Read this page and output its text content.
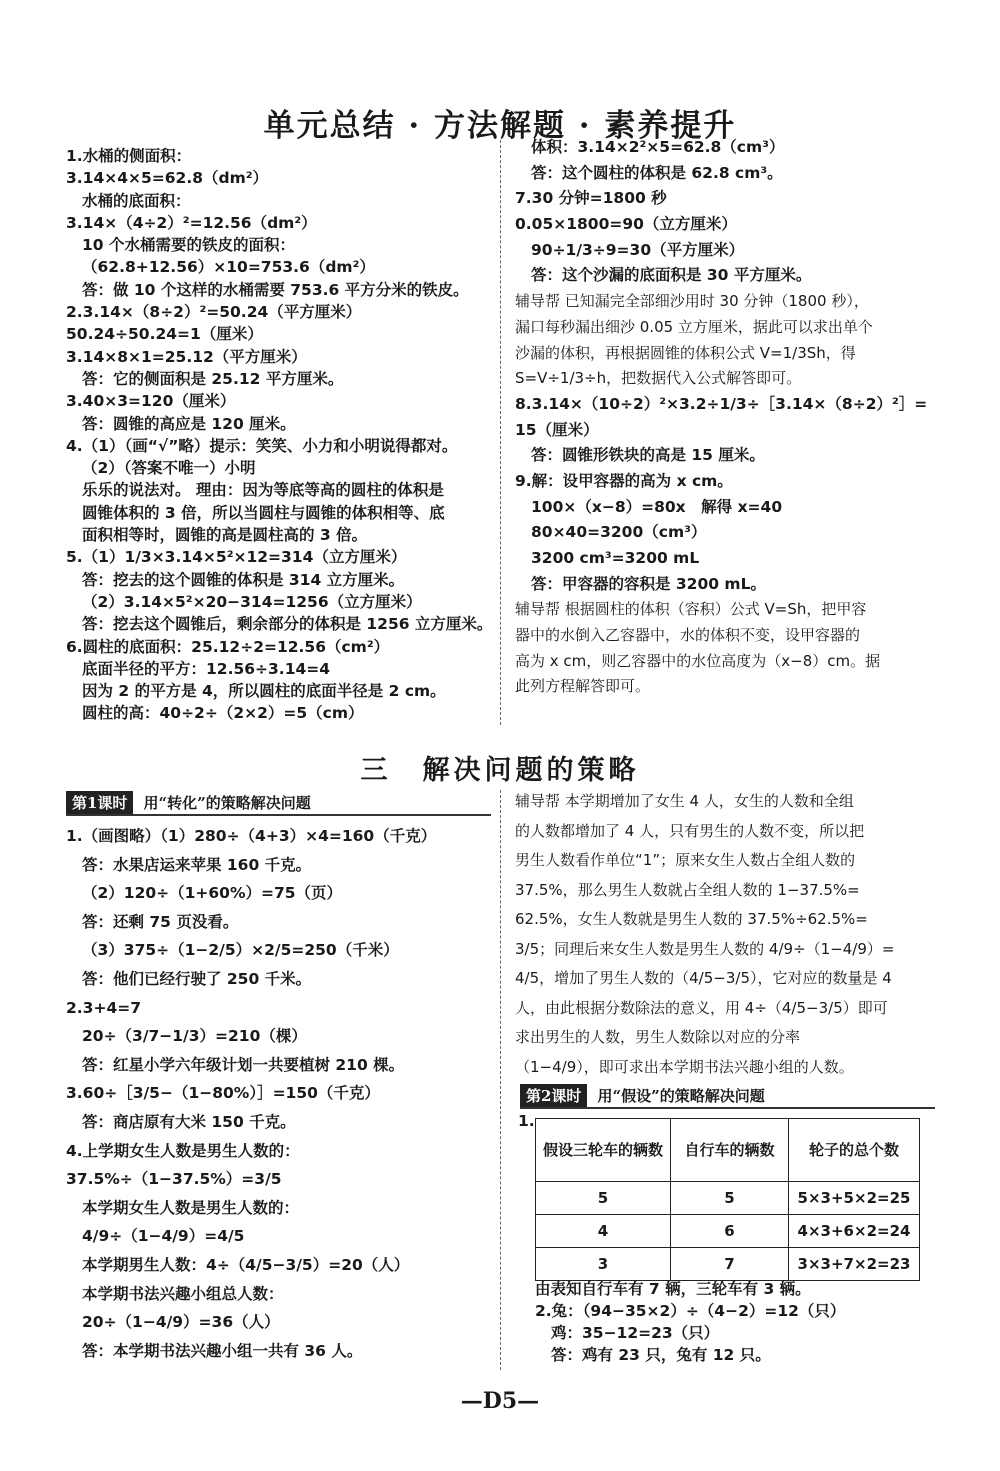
单元总结 · 方法解题 · 素养提升
1.水桶的侧面积：
3.14×4×5=62.8（dm²）
水桶的底面积：
3.14×（4÷2）²=12.56（dm²）
10 个水桶需要的铁皮的面积：
（62.8+12.56）×10=753.6（dm²）
答：做 10 个这样的水桶需要 753.6 平方分米的铁皮。
2.3.14×（8÷2）²=50.24（平方厘米）
50.24÷50.24=1（厘米）
3.14×8×1=25.12（平方厘米）
答：它的侧面积是 25.12 平方厘米。
3.40×3=120（厘米）
答：圆锥的高应是 120 厘米。
4.（1）（画“√”略）提示：笑笑、小力和小明说得都对。
（2）（答案不唯一）小明
乐乐的说法对。 理由：因为等底等高的圆柱的体积是
圆锥体积的 3 倍，所以当圆柱与圆锥的体积相等、底
面积相等时，圆锥的高是圆柱高的 3 倍。
5.（1）1/3×3.14×5²×12=314（立方厘米）
答：挖去的这个圆锥的体积是 314 立方厘米。
（2）3.14×5²×20−314=1256（立方厘米）
答：挖去这个圆锥后，剩余部分的体积是 1256 立方厘米。
6.圆柱的底面积：25.12÷2=12.56（cm²）
底面半径的平方：12.56÷3.14=4
因为 2 的平方是 4，所以圆柱的底面半径是 2 cm。
圆柱的高：40÷2÷（2×2）=5（cm）
体积：3.14×2²×5=62.8（cm³）
答：这个圆柱的体积是 62.8 cm³。
7.30 分钟=1800 秒
0.05×1800=90（立方厘米）
90÷1/3÷9=30（平方厘米）
答：这个沙漏的底面积是 30 平方厘米。
辅导帮 已知漏完全部细沙用时 30 分钟（1800 秒），
漏口每秒漏出细沙 0.05 立方厘米，据此可以求出单个
沙漏的体积，再根据圆锥的体积公式 V=1/3Sh，得
S=V÷1/3÷h，把数据代入公式解答即可。
8.3.14×（10÷2）²×3.2÷1/3÷［3.14×（8÷2）²］=
15（厘米）
答：圆锥形铁块的高是 15 厘米。
9.解：设甲容器的高为 x cm。
100×（x−8）=80x　解得 x=40
80×40=3200（cm³）
3200 cm³=3200 mL
答：甲容器的容积是 3200 mL。
辅导帮 根据圆柱的体积（容积）公式 V=Sh，把甲容
器中的水倒入乙容器中，水的体积不变，设甲容器的
高为 x cm，则乙容器中的水位高度为（x−8）cm。据
此列方程解答即可。
三　解决问题的策略
第1课时	用“转化”的策略解决问题
1.（画图略）（1）280÷（4+3）×4=160（千克）
答：水果店运来苹果 160 千克。
（2）120÷（1+60%）=75（页）
答：还剩 75 页没看。
（3）375÷（1−2/5）×2/5=250（千米）
答：他们已经行驶了 250 千米。
2.3+4=7
20÷（3/7−1/3）=210（棵）
答：红星小学六年级计划一共要植树 210 棵。
3.60÷［3/5−（1−80%）］=150（千克）
答：商店原有大米 150 千克。
4.上学期女生人数是男生人数的：
37.5%÷（1−37.5%）=3/5
本学期女生人数是男生人数的：
4/9÷（1−4/9）=4/5
本学期男生人数：4÷（4/5−3/5）=20（人）
本学期书法兴趣小组总人数：
20÷（1−4/9）=36（人）
答：本学期书法兴趣小组一共有 36 人。
辅导帮 本学期增加了女生 4 人，女生的人数和全组
的人数都增加了 4 人，只有男生的人数不变，所以把
男生人数看作单位“1”；原来女生人数占全组人数的
37.5%，那么男生人数就占全组人数的 1−37.5%=
62.5%，女生人数就是男生人数的 37.5%÷62.5%=
3/5；同理后来女生人数是男生人数的 4/9÷（1−4/9）=
4/5，增加了男生人数的（4/5−3/5），它对应的数量是 4
人，由此根据分数除法的意义，用 4÷（4/5−3/5）即可
求出男生的人数，男生人数除以对应的分率
（1−4/9），即可求出本学期书法兴趣小组的人数。
第2课时	用“假设”的策略解决问题
1.
假设三轮车的辆数	自行车的辆数	轮子的总个数
5	5	5×3+5×2=25
4	6	4×3+6×2=24
3	7	3×3+7×2=23
由表知自行车有 7 辆，三轮车有 3 辆。
2.兔：（94−35×2）÷（4−2）=12（只）
鸡：35−12=23（只）
答：鸡有 23 只，兔有 12 只。
—D5—
